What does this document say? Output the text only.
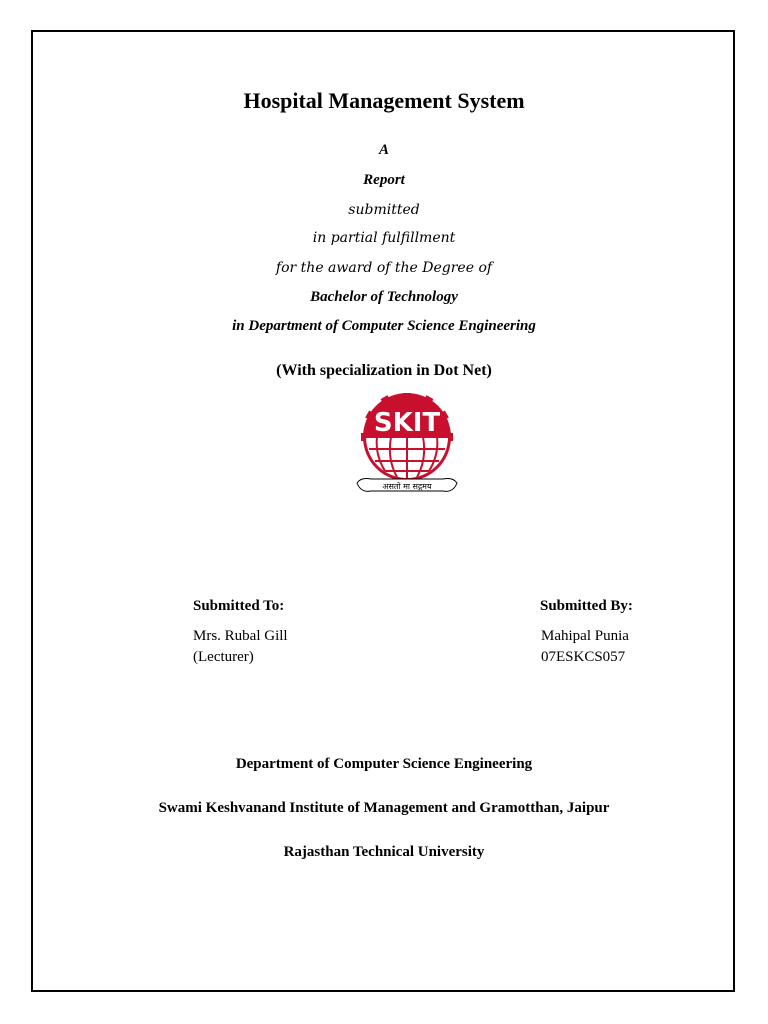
Hospital Management System
A
Report
submitted
in partial fulfillment
for the award of the Degree of
Bachelor of Technology
in Department of Computer Science Engineering
(With specialization in Dot Net)
SKIT
असतो मा सद्गमय
Submitted To:
Mrs. Rubal Gill
(Lecturer)
Submitted By:
Mahipal Punia
07ESKCS057
Department of Computer Science Engineering
Swami Keshvanand Institute of Management and Gramotthan, Jaipur
Rajasthan Technical University
